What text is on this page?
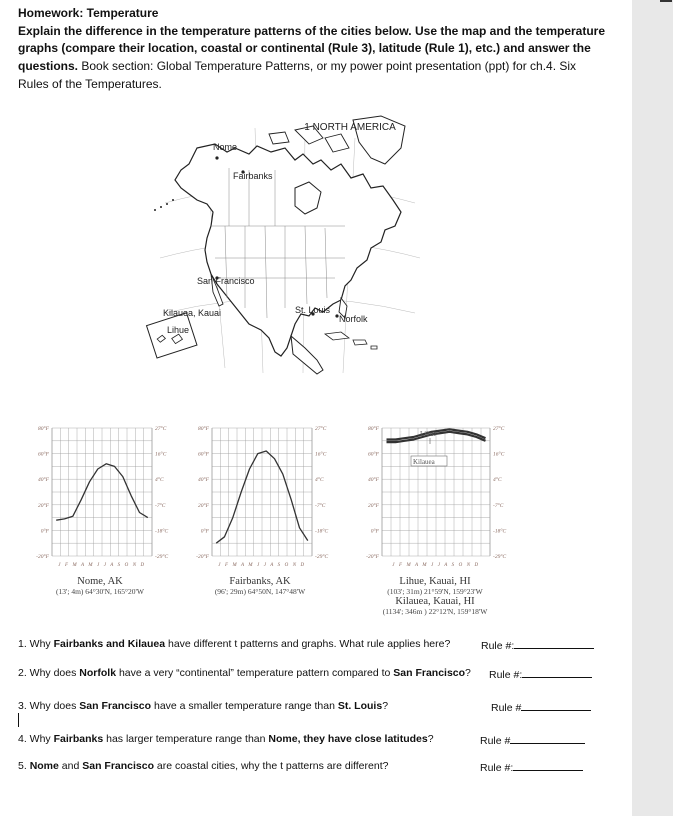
Homework: Temperature
Explain the difference in the temperature patterns of the cities below. Use the map and the temperature graphs (compare their location, coastal or continental (Rule 3), latitude (Rule 1), etc.) and answer the questions. Book section: Global Temperature Patterns, or my power point presentation (ppt) for ch.4. Six Rules of the Temperatures.
1 NORTH AMERICA
Nome
Fairbanks
San Francisco
Kilauea, Kauai
Lihue
St. Louis
Norfolk
80°F	27°C
60°F	16°C
40°F	4°C
20°F	-7°C
0°F	-18°C
-20°F	-29°C
J F M A M J J A S O N D
80°F	27°C
60°F	16°C
40°F	4°C
20°F	-7°C
0°F	-18°C
-20°F	-29°C
J F M A M J J A S O N D
80°F	27°C
60°F	16°C
40°F	4°C
20°F	-7°C
0°F	-18°C
-20°F	-29°C
J F M A M J J A S O N D
Lihue
Kilauea
Nome, AK
(13'; 4m) 64°30'N, 165°20'W
Fairbanks, AK
(96'; 29m) 64°50N, 147°48'W
Lihue, Kauai, HI
(103'; 31m) 21°59'N, 159°23'W
Kilauea, Kauai, HI
(1134'; 346m ) 22°12'N, 159°18'W
1. Why Fairbanks and Kilauea have different t patterns and graphs. What rule applies here?	Rule #:
2. Why does Norfolk have a very “continental” temperature pattern compared to San Francisco? Rule #:
3. Why does San Francisco have a smaller temperature range than St. Louis?	Rule #
4. Why Fairbanks has larger temperature range than Nome, they have close latitudes?	Rule #
5. Nome and San Francisco are coastal cities, why the t patterns are different?	Rule #:
